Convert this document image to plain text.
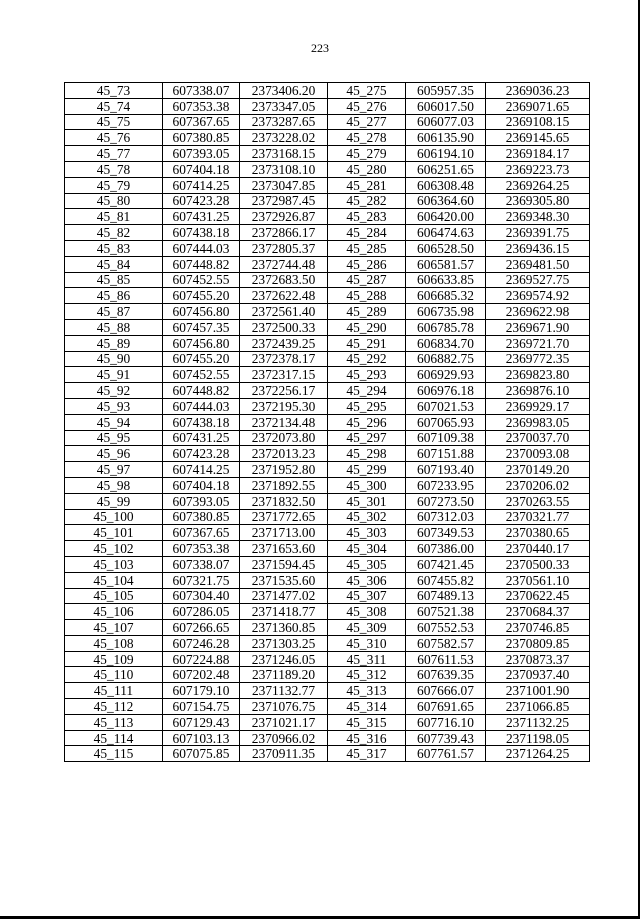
223
45_73	607338.07	2373406.20	45_275	605957.35	2369036.23
45_74	607353.38	2373347.05	45_276	606017.50	2369071.65
45_75	607367.65	2373287.65	45_277	606077.03	2369108.15
45_76	607380.85	2373228.02	45_278	606135.90	2369145.65
45_77	607393.05	2373168.15	45_279	606194.10	2369184.17
45_78	607404.18	2373108.10	45_280	606251.65	2369223.73
45_79	607414.25	2373047.85	45_281	606308.48	2369264.25
45_80	607423.28	2372987.45	45_282	606364.60	2369305.80
45_81	607431.25	2372926.87	45_283	606420.00	2369348.30
45_82	607438.18	2372866.17	45_284	606474.63	2369391.75
45_83	607444.03	2372805.37	45_285	606528.50	2369436.15
45_84	607448.82	2372744.48	45_286	606581.57	2369481.50
45_85	607452.55	2372683.50	45_287	606633.85	2369527.75
45_86	607455.20	2372622.48	45_288	606685.32	2369574.92
45_87	607456.80	2372561.40	45_289	606735.98	2369622.98
45_88	607457.35	2372500.33	45_290	606785.78	2369671.90
45_89	607456.80	2372439.25	45_291	606834.70	2369721.70
45_90	607455.20	2372378.17	45_292	606882.75	2369772.35
45_91	607452.55	2372317.15	45_293	606929.93	2369823.80
45_92	607448.82	2372256.17	45_294	606976.18	2369876.10
45_93	607444.03	2372195.30	45_295	607021.53	2369929.17
45_94	607438.18	2372134.48	45_296	607065.93	2369983.05
45_95	607431.25	2372073.80	45_297	607109.38	2370037.70
45_96	607423.28	2372013.23	45_298	607151.88	2370093.08
45_97	607414.25	2371952.80	45_299	607193.40	2370149.20
45_98	607404.18	2371892.55	45_300	607233.95	2370206.02
45_99	607393.05	2371832.50	45_301	607273.50	2370263.55
45_100	607380.85	2371772.65	45_302	607312.03	2370321.77
45_101	607367.65	2371713.00	45_303	607349.53	2370380.65
45_102	607353.38	2371653.60	45_304	607386.00	2370440.17
45_103	607338.07	2371594.45	45_305	607421.45	2370500.33
45_104	607321.75	2371535.60	45_306	607455.82	2370561.10
45_105	607304.40	2371477.02	45_307	607489.13	2370622.45
45_106	607286.05	2371418.77	45_308	607521.38	2370684.37
45_107	607266.65	2371360.85	45_309	607552.53	2370746.85
45_108	607246.28	2371303.25	45_310	607582.57	2370809.85
45_109	607224.88	2371246.05	45_311	607611.53	2370873.37
45_110	607202.48	2371189.20	45_312	607639.35	2370937.40
45_111	607179.10	2371132.77	45_313	607666.07	2371001.90
45_112	607154.75	2371076.75	45_314	607691.65	2371066.85
45_113	607129.43	2371021.17	45_315	607716.10	2371132.25
45_114	607103.13	2370966.02	45_316	607739.43	2371198.05
45_115	607075.85	2370911.35	45_317	607761.57	2371264.25
